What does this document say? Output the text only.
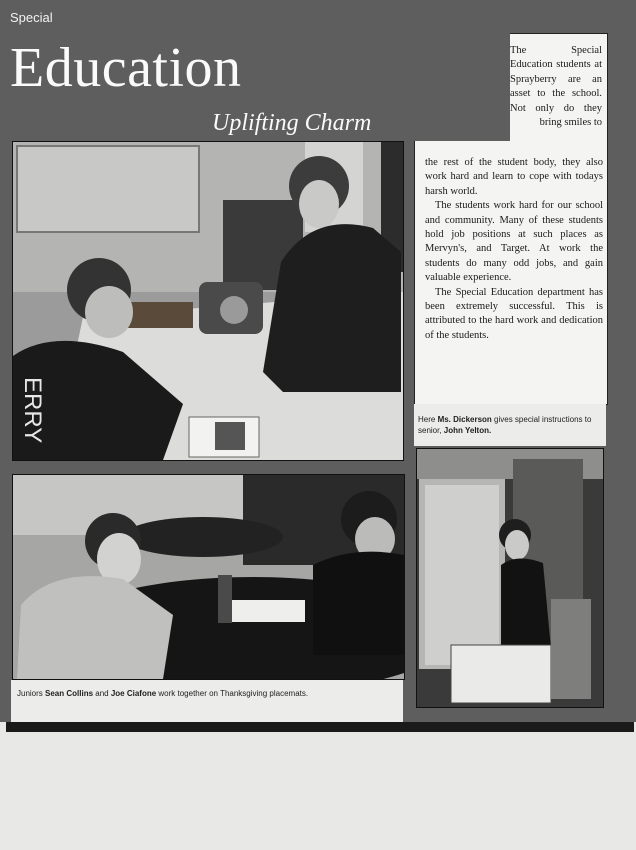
Special
Education
Uplifting Charm
ERRY
The Special Education students at Sprayberry are an asset to the school. Not only do they bring smiles to

the rest of the student body, they also work hard and learn to cope with todays harsh world.

The students work hard for our school and community. Many of these students hold job positions at such places as Mervyn's, and Target. At work the students do many odd jobs, and gain valuable experience.

The Special Education department has been extremely successful. This is attributed to the hard work and dedication of the students.

Here Ms. Dickerson gives special instructions to senior, John Yelton.
Juniors Sean Collins and Joe Ciafone work together on Thanksgiving placemats.
